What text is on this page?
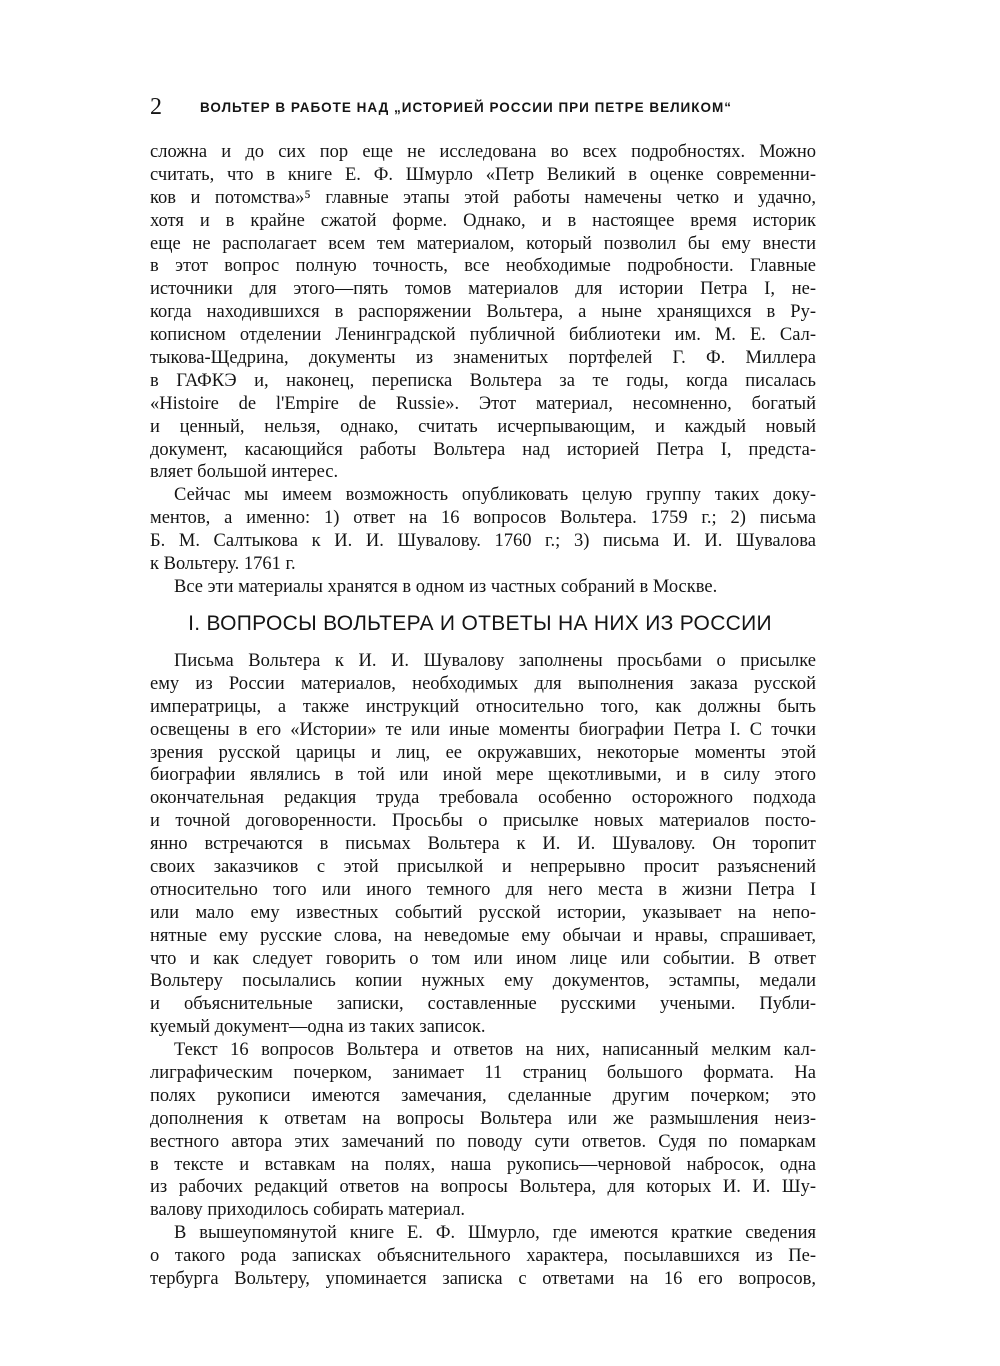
2	ВОЛЬТЕР В РАБОТЕ НАД „ИСТОРИЕЙ РОССИИ ПРИ ПЕТРЕ ВЕЛИКОМ“
сложна и до сих пор еще не исследована во всех подробностях. Можно
считать, что в книге Е. Ф. Шмурло «Петр Великий в оценке современни-
ков и потомства»⁵ главные этапы этой работы намечены четко и удачно,
хотя и в крайне сжатой форме. Однако, и в настоящее время историк
еще не располагает всем тем материалом, который позволил бы ему внести
в этот вопрос полную точность, все необходимые подробности. Главные
источники для этого—пять томов материалов для истории Петра I, не-
когда находившихся в распоряжении Вольтера, а ныне хранящихся в Ру-
кописном отделении Ленинградской публичной библиотеки им. М. Е. Сал-
тыкова-Щедрина, документы из знаменитых портфелей Г. Ф. Миллера
в ГАФКЭ и, наконец, переписка Вольтера за те годы, когда писалась
«Histoire de l'Empire de Russie». Этот материал, несомненно, богатый
и ценный, нельзя, однако, считать исчерпывающим, и каждый новый
документ, касающийся работы Вольтера над историей Петра I, предста-
вляет большой интерес.
Сейчас мы имеем возможность опубликовать целую группу таких доку-
ментов, а именно: 1) ответ на 16 вопросов Вольтера. 1759 г.; 2) письма
Б. М. Салтыкова к И. И. Шувалову. 1760 г.; 3) письма И. И. Шувалова
к Вольтеру. 1761 г.
Все эти материалы хранятся в одном из частных собраний в Москве.
I. ВОПРОСЫ ВОЛЬТЕРА И ОТВЕТЫ НА НИХ ИЗ РОССИИ
Письма Вольтера к И. И. Шувалову заполнены просьбами о присылке
ему из России материалов, необходимых для выполнения заказа русской
императрицы, а также инструкций относительно того, как должны быть
освещены в его «Истории» те или иные моменты биографии Петра I. С точки
зрения русской царицы и лиц, ее окружавших, некоторые моменты этой
биографии являлись в той или иной мере щекотливыми, и в силу этого
окончательная редакция труда требовала особенно осторожного подхода
и точной договоренности. Просьбы о присылке новых материалов посто-
янно встречаются в письмах Вольтера к И. И. Шувалову. Он торопит
своих заказчиков с этой присылкой и непрерывно просит разъяснений
относительно того или иного темного для него места в жизни Петра I
или мало ему известных событий русской истории, указывает на непо-
нятные ему русские слова, на неведомые ему обычаи и нравы, спрашивает,
что и как следует говорить о том или ином лице или событии. В ответ
Вольтеру посылались копии нужных ему документов, эстампы, медали
и объяснительные записки, составленные русскими учеными. Публи-
куемый документ—одна из таких записок.
Текст 16 вопросов Вольтера и ответов на них, написанный мелким кал-
лиграфическим почерком, занимает 11 страниц большого формата. На
полях рукописи имеются замечания, сделанные другим почерком; это
дополнения к ответам на вопросы Вольтера или же размышления неиз-
вестного автора этих замечаний по поводу сути ответов. Судя по помаркам
в тексте и вставкам на полях, наша рукопись—черновой набросок, одна
из рабочих редакций ответов на вопросы Вольтера, для которых И. И. Шу-
валову приходилось собирать материал.
В вышеупомянутой книге Е. Ф. Шмурло, где имеются краткие сведения
о такого рода записках объяснительного характера, посылавшихся из Пе-
тербурга Вольтеру, упоминается записка с ответами на 16 его вопросов,
